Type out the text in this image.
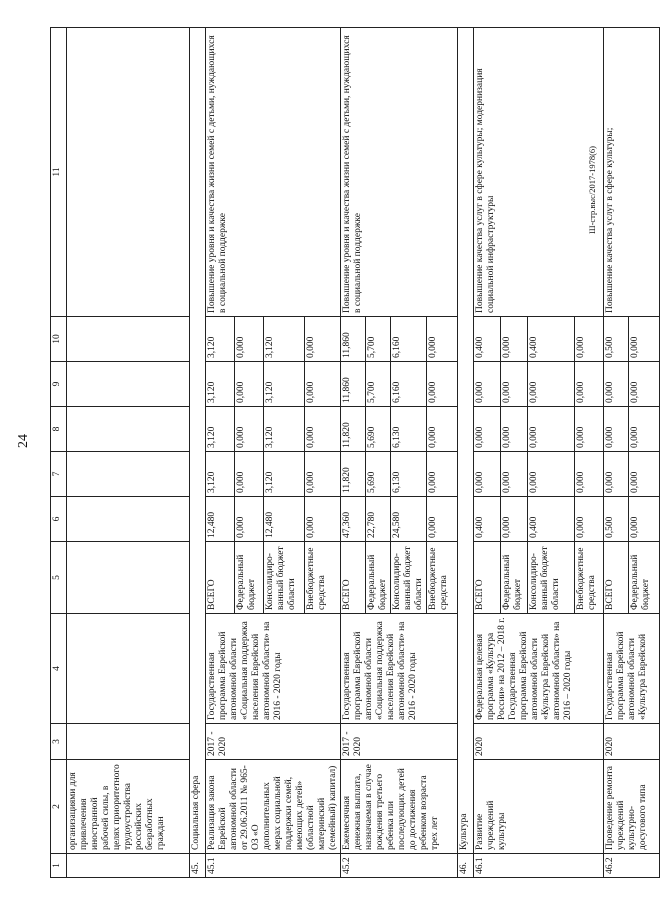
24
Ш-стр.выс/2017-1978(6)
1	2	3	4	5	6	7	8	9	10	11
	организациями для привлечения иностранной рабочей силы, в целях приоритетного трудоустройства российских безработных граждан									
45.	Социальная сфера									
45.1	Реализация закона Еврейской автономной области от 29.06.2011 № 965-ОЗ «О дополнительных мерах социальной поддержки семей, имеющих детей» (областной материнский (семейный) капитал)	2017 - 2020	Государственная программа Еврейской автономной области «Социальная поддержка населения Еврейской автономной области» на 2016 - 2020 годы	ВСЕГО	12,480	3,120	3,120	3,120	3,120	Повышение уровня и качества жизни семей с детьми, нуждающихся в социальной поддержке
				Федеральный бюджет	0,000	0,000	0,000	0,000	0,000	
				Консолидиро-ванный бюджет области	12,480	3,120	3,120	3,120	3,120	
				Внебюджетные средства	0,000	0,000	0,000	0,000	0,000	
45.2	Ежемесячная денежная выплата, назначаемая в случае рождения третьего ребенка или последующих детей до достижения ребенком возраста трех лет	2017 - 2020	Государственная программа Еврейской автономной области «Социальная поддержка населения Еврейской автономной области» на 2016 - 2020 годы	ВСЕГО	47,360	11,820	11,820	11,860	11,860	Повышение уровня и качества жизни семей с детьми, нуждающихся в социальной поддержке
				Федеральный бюджет	22,780	5,690	5,690	5,700	5,700	
				Консолидиро-ванный бюджет области	24,580	6,130	6,130	6,160	6,160	
				Внебюджетные средства	0,000	0,000	0,000	0,000	0,000	
46.	Культура									
46.1	Развитие учреждений культуры	2020	Федеральная целевая программа «Культура России» на 2012 – 2018 г. Государственная программа Еврейской автономной области «Культура Еврейской автономной области» на 2016 – 2020 годы	ВСЕГО	0,400	0,000	0,000	0,000	0,400	Повышение качества услуг в сфере культуры; модернизация социальной инфраструктуры
				Федеральный бюджет	0,000	0,000	0,000	0,000	0,000	
				Консолидиро-ванный бюджет области	0,400	0,000	0,000	0,000	0,400	
				Внебюджетные средства	0,000	0,000	0,000	0,000	0,000	
46.2	Проведение ремонта учреждений культурно-досугового типа	2020	Государственная программа Еврейской автономной области «Культура Еврейской	ВСЕГО	0,500	0,000	0,000	0,000	0,500	Повышение качества услуг в сфере культуры;
				Федеральный бюджет	0,000	0,000	0,000	0,000	0,000	
